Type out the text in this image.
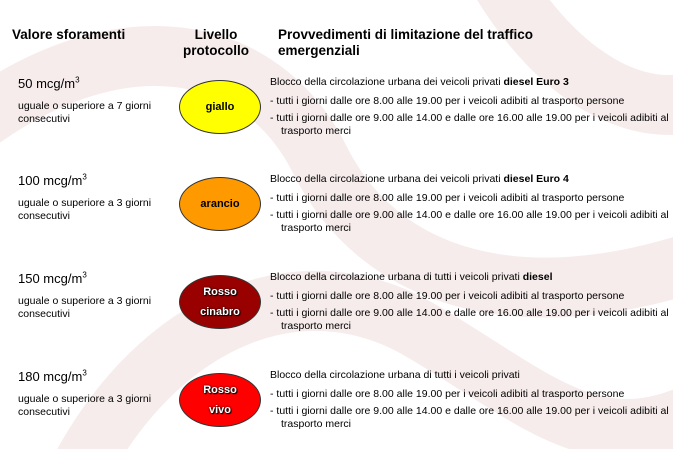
Valore sforamenti	Livello
protocollo
Provvedimenti di limitazione del traffico
emergenziali
50 mcg/$m^3$
uguale o superiore a 7 giorni consecutivi
giallo
Blocco della circolazione urbana dei veicoli privati diesel Euro 3
- tutti i giorni dalle ore 8.00 alle 19.00 per i veicoli adibiti al trasporto persone
- tutti i giorni dalle ore 9.00 alle 14.00 e dalle ore 16.00 alle 19.00 per i veicoli adibiti al trasporto merci
100 mcg/$m^3$
uguale o superiore a 3 giorni consecutivi
arancio
Blocco della circolazione urbana dei veicoli privati diesel Euro 4
- tutti i giorni dalle ore 8.00 alle 19.00 per i veicoli adibiti al trasporto persone
- tutti i giorni dalle ore 9.00 alle 14.00 e dalle ore 16.00 alle 19.00 per i veicoli adibiti al trasporto merci
150 mcg/$m^3$
uguale o superiore a 3 giorni consecutivi
Rosso
cinabro
Blocco della circolazione urbana di tutti i veicoli privati diesel
- tutti i giorni dalle ore 8.00 alle 19.00 per i veicoli adibiti al trasporto persone
- tutti i giorni dalle ore 9.00 alle 14.00 e dalle ore 16.00 alle 19.00 per i veicoli adibiti al trasporto merci
180 mcg/$m^3$
uguale o superiore a 3 giorni consecutivi
Rosso
vivo
Blocco della circolazione urbana di tutti i veicoli privati
- tutti i giorni dalle ore 8.00 alle 19.00 per i veicoli adibiti al trasporto persone
- tutti i giorni dalle ore 9.00 alle 14.00 e dalle ore 16.00 alle 19.00 per i veicoli adibiti al trasporto merci
